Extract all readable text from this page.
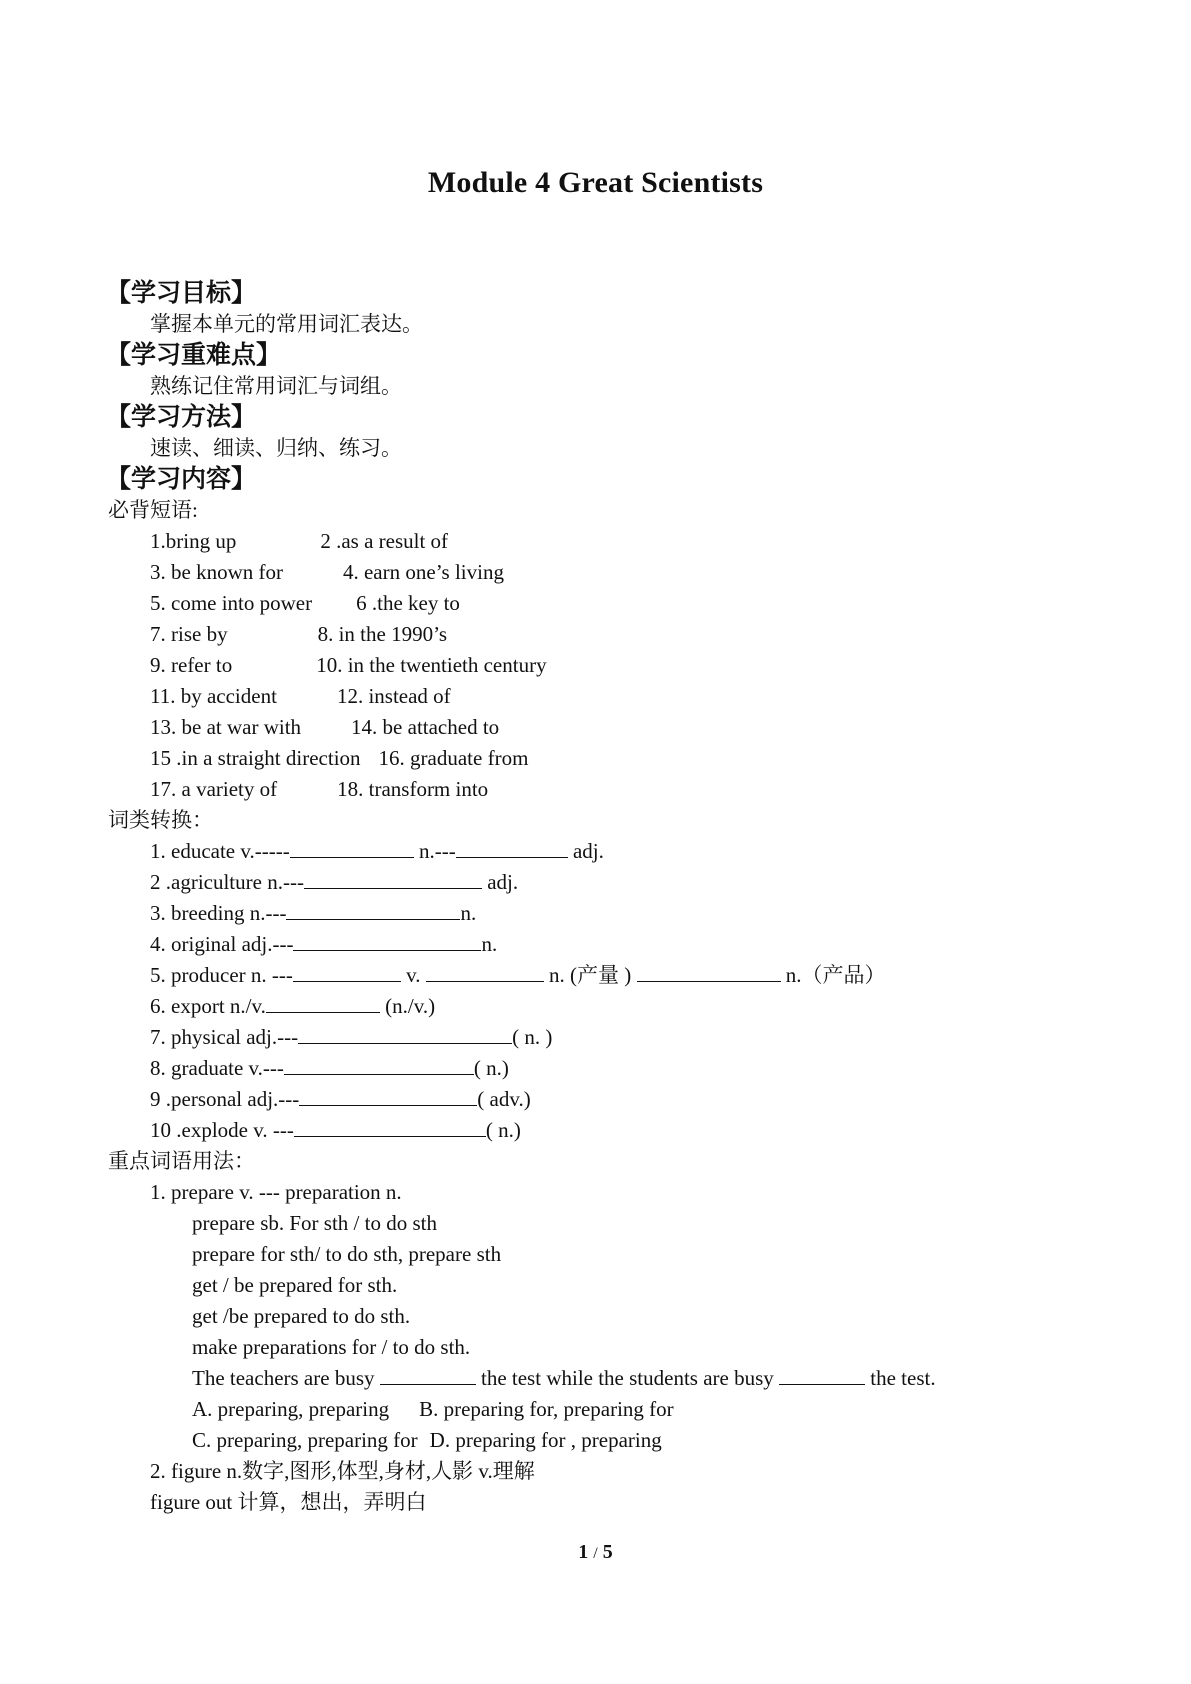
Module 4 Great Scientists
【学习目标】
掌握本单元的常用词汇表达。
【学习重难点】
熟练记住常用词汇与词组。
【学习方法】
速读、细读、归纳、练习。
【学习内容】
必背短语:
1.bring up	2 .as a result of
3. be known for	4. earn one’s living
5. come into power 6 .the key to
7. rise by	8. in the 1990’s
9. refer to	10. in the twentieth century
11. by accident	12. instead of
13. be at war with 14. be attached to
15 .in a straight direction 16. graduate from
17. a variety of	18. transform into
词类转换：
1. educate v.-----	n.---	adj.
2 .agriculture n.---	adj.
3. breeding n.---	n.
4. original adj.---	n.
5. producer n. ---	v.	n. (产量 )	n.（产品）
6. export n./v.	(n./v.)
7. physical adj.---	( n. )
8. graduate v.---	( n.)
9 .personal adj.---	( adv.)
10 .explode v. ---	( n.)
重点词语用法：
1. prepare v. --- preparation n.
prepare sb. For sth / to do sth
prepare for sth/ to do sth, prepare sth
get / be prepared for sth.
get /be prepared to do sth.
make preparations for / to do sth.
The teachers are busy	the test while the students are busy	the test.
A. preparing, preparing B. preparing for, preparing for
C. preparing, preparing for D. preparing for , preparing
2. figure n.数字,图形,体型,身材,人影 v.理解
figure out 计算，想出，弄明白
1 / 5
